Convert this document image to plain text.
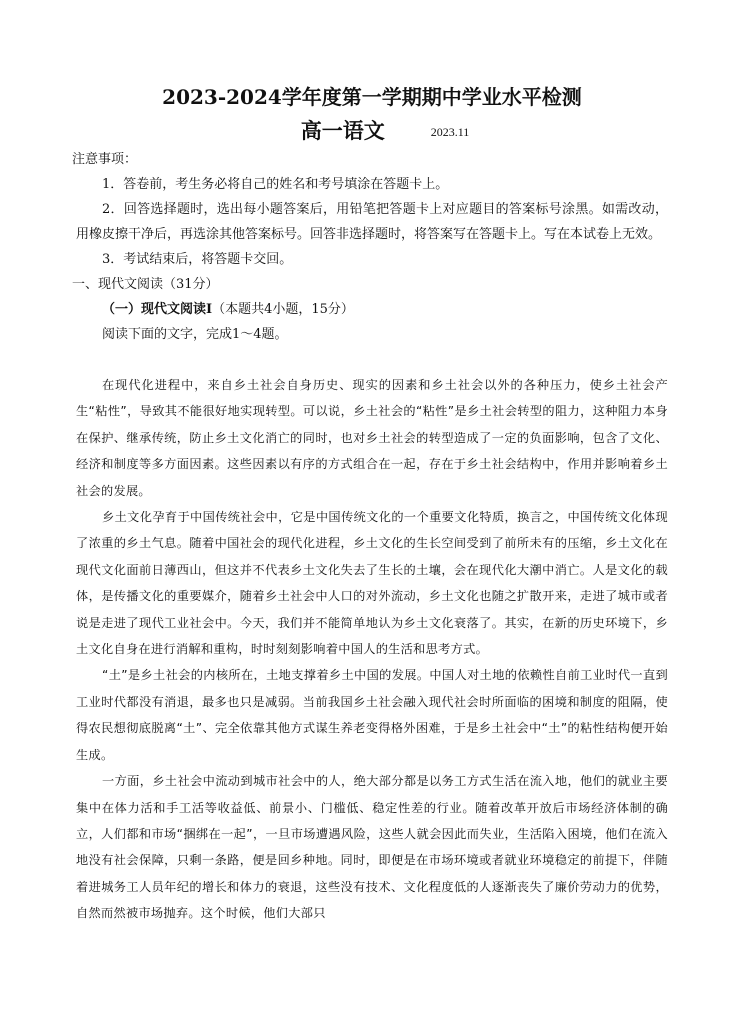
2023-2024学年度第一学期期中学业水平检测
高一语文	2023.11

注意事项：

1．答卷前，考生务必将自己的姓名和考号填涂在答题卡上。

2．回答选择题时，选出每小题答案后，用铅笔把答题卡上对应题目的答案标号涂黑。如需改动，用橡皮擦干净后，再选涂其他答案标号。回答非选择题时，将答案写在答题卡上。写在本试卷上无效。

3．考试结束后，将答题卡交回。

一、现代文阅读（31分）

（一）现代文阅读Ⅰ（本题共4小题，15分）

阅读下面的文字，完成1～4题。

在现代化进程中，来自乡土社会自身历史、现实的因素和乡土社会以外的各种压力，使乡土社会产生“粘性”，导致其不能很好地实现转型。可以说，乡土社会的“粘性”是乡土社会转型的阻力，这种阻力本身在保护、继承传统，防止乡土文化消亡的同时，也对乡土社会的转型造成了一定的负面影响，包含了文化、经济和制度等多方面因素。这些因素以有序的方式组合在一起，存在于乡土社会结构中，作用并影响着乡土社会的发展。

乡土文化孕育于中国传统社会中，它是中国传统文化的一个重要文化特质，换言之，中国传统文化体现了浓重的乡土气息。随着中国社会的现代化进程，乡土文化的生长空间受到了前所未有的压缩，乡土文化在现代文化面前日薄西山，但这并不代表乡土文化失去了生长的土壤，会在现代化大潮中消亡。人是文化的载体，是传播文化的重要媒介，随着乡土社会中人口的对外流动，乡土文化也随之扩散开来，走进了城市或者说是走进了现代工业社会中。今天，我们并不能简单地认为乡土文化衰落了。其实，在新的历史环境下，乡土文化自身在进行消解和重构，时时刻刻影响着中国人的生活和思考方式。

“土”是乡土社会的内核所在，土地支撑着乡土中国的发展。中国人对土地的依赖性自前工业时代一直到工业时代都没有消退，最多也只是减弱。当前我国乡土社会融入现代社会时所面临的困境和制度的阻隔，使得农民想彻底脱离“土”、完全依靠其他方式谋生养老变得格外困难，于是乡土社会中“土”的粘性结构便开始生成。

一方面，乡土社会中流动到城市社会中的人，绝大部分都是以务工方式生活在流入地，他们的就业主要集中在体力活和手工活等收益低、前景小、门槛低、稳定性差的行业。随着改革开放后市场经济体制的确立，人们都和市场“捆绑在一起”，一旦市场遭遇风险，这些人就会因此而失业，生活陷入困境，他们在流入地没有社会保障，只剩一条路，便是回乡种地。同时，即便是在市场环境或者就业环境稳定的前提下，伴随着进城务工人员年纪的增长和体力的衰退，这些没有技术、文化程度低的人逐渐丧失了廉价劳动力的优势，自然而然被市场抛弃。这个时候，他们大部只
